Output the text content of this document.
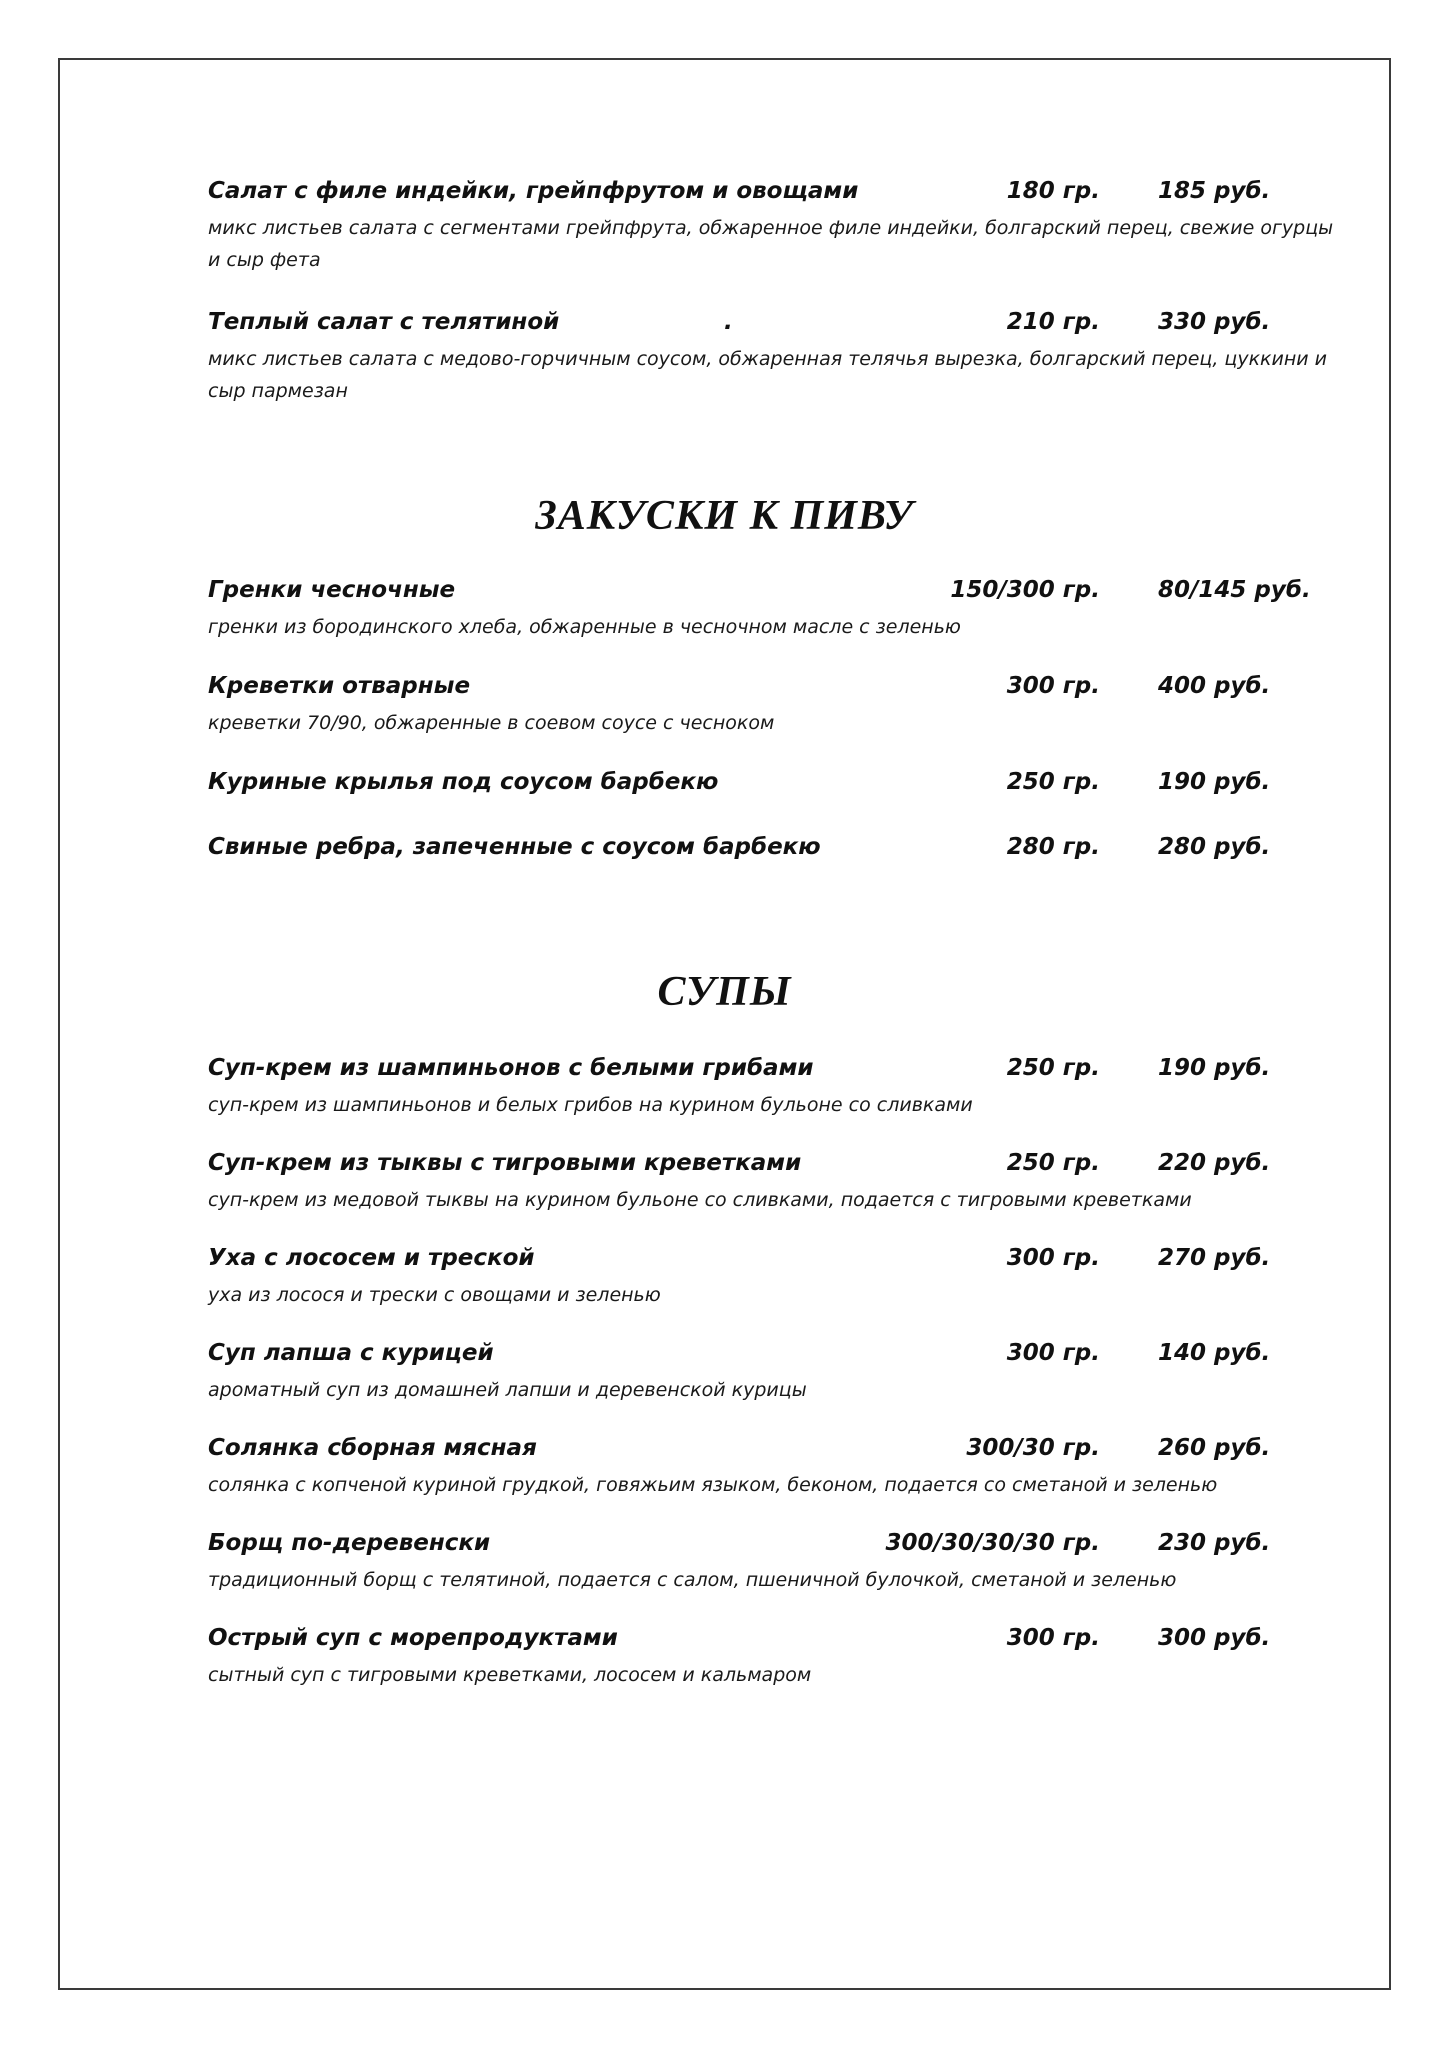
Салат с филе индейки, грейпфрутом и овощами	180 гр.	185 руб.
микс листьев салата с сегментами грейпфрута, обжаренное филе индейки, болгарский перец, свежие огурцы и сыр фета
Теплый салат с телятиной	.	210 гр.	330 руб.
микс листьев салата с медово-горчичным соусом, обжаренная телячья вырезка, болгарский перец, цуккини и сыр пармезан
ЗАКУСКИ К ПИВУ
Гренки чесночные	150/300 гр.	80/145 руб.
гренки из бородинского хлеба, обжаренные в чесночном масле с зеленью
Креветки отварные	300 гр.	400 руб.
креветки 70/90, обжаренные в соевом соусе с чесноком
Куриные крылья под соусом барбекю	250 гр.	190 руб.
Свиные ребра, запеченные с соусом барбекю	280 гр.	280 руб.
СУПЫ
Суп-крем из шампиньонов с белыми грибами	250 гр.	190 руб.
суп-крем из шампиньонов и белых грибов на курином бульоне со сливками
Суп-крем из тыквы с тигровыми креветками	250 гр.	220 руб.
суп-крем из медовой тыквы на курином бульоне со сливками, подается с тигровыми креветками
Уха с лососем и треской	300 гр.	270 руб.
уха из лосося и трески с овощами и зеленью
Суп лапша с курицей	300 гр.	140 руб.
ароматный суп из домашней лапши и деревенской курицы
Солянка сборная мясная	300/30 гр.	260 руб.
солянка с копченой куриной грудкой, говяжьим языком, беконом, подается со сметаной и зеленью
Борщ по-деревенски	300/30/30/30 гр.	230 руб.
традиционный борщ с телятиной, подается с салом, пшеничной булочкой, сметаной и зеленью
Острый суп с морепродуктами	300 гр.	300 руб.
сытный суп с тигровыми креветками, лососем и кальмаром
